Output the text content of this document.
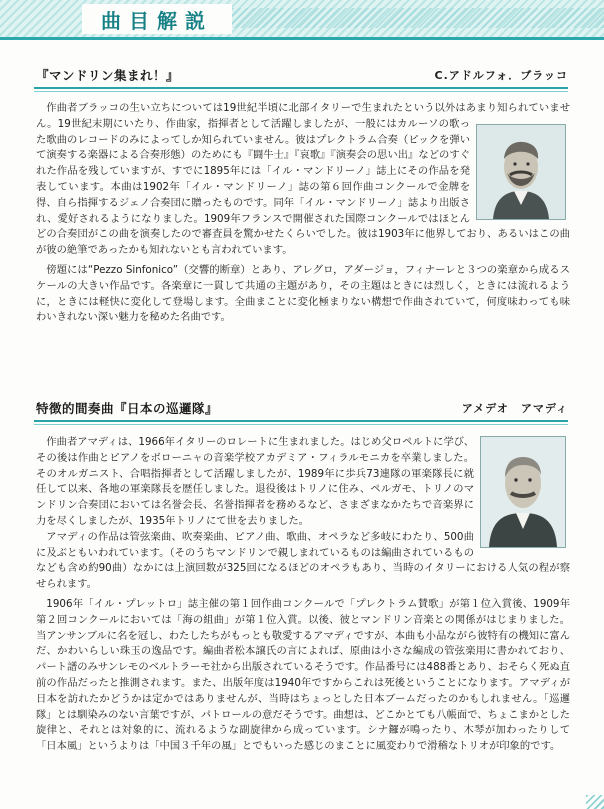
曲目解説
『マンドリン集まれ！』	C.アドルフォ．ブラッコ

作曲者ブラッコの生い立ちについては19世紀半頃に北部イタリーで生まれたという以外はあまり知られていません。19世紀末期にいたり、作曲家，指揮者として活躍しましたが、一般にはカルーソの歌った歌曲のレコードのみによってしか知られていません。彼はプレクトラム合奏（ピックを弾いて演奏する楽器による合奏形態）のためにも『闘牛士』『哀歌』『演奏会の思い出』などのすぐれた作品を残していますが、すでに1895年には「イル・マンドリーノ」誌上にその作品を発表しています。本曲は1902年「イル・マンドリーノ」誌の第６回作曲コンクールで金牌を得、自ら指揮するジェノ合奏団に贈ったものです。同年「イル・マンドリーノ」誌より出版され、愛好されるようになりました。1909年フランスで開催された国際コンクールではほとんどの合奏団がこの曲を演奏したので審査員を驚かせたくらいでした。彼は1903年に他界しており、あるいはこの曲が彼の絶筆であったかも知れないとも言われています。

傍題には“Pezzo Sinfonico”（交響的断章）とあり、アレグロ，アダージョ，フィナーレと３つの楽章から成るスケールの大きい作品です。各楽章に一貫して共通の主題があり，その主題はときには烈しく，ときには流れるように，ときには軽快に変化して登場します。全曲まことに変化極まりない構想で作曲されていて，何度味わっても味わいきれない深い魅力を秘めた名曲です。

特徴的間奏曲『日本の巡邏隊』	アメデオ　アマディ

作曲者アマディは、1966年イタリーのロレートに生まれました。はじめ父ロペルトに学び、その後は作曲とピアノをボローニャの音楽学校アカデミア・フィラルモニカを卒業しました。そのオルガニスト、合唱指揮者として活躍しましたが、1989年に歩兵73連隊の軍楽隊長に就任して以来、各地の軍楽隊長を歴任しました。退役後はトリノに住み、ペルガモ、トリノのマンドリン合奏団においては名誉会長、名誉指揮者を務めるなど、さまざまなかたちで音楽界に力を尽くしましたが、1935年トリノにて世を去りました。

アマディの作品は管弦楽曲、吹奏楽曲、ピアノ曲、歌曲、オペラなど多岐にわたり、500曲に及ぶともいわれています。（そのうちマンドリンで親しまれているものは編曲されているものなども含め約90曲）なかには上演回数が325回になるほどのオペラもあり、当時のイタリーにおける人気の程が察せられます。

1906年「イル・プレットロ」誌主催の第１回作曲コンクールで「プレクトラム賛歌」が第１位入賞後、1909年第２回コンクールにおいては「海の組曲」が第１位入賞。以後、彼とマンドリン音楽との関係がはじまりました。当アンサンブルに名を冠し、わたしたちがもっとも敬愛するアマディですが、本曲も小品ながら彼特有の機知に富んだ、かわいらしい珠玉の逸品です。編曲者松本譲氏の言によれば、原曲は小さな編成の管弦楽用に書かれており、パート譜のみサンレモのベルトラーモ社から出版されているそうです。作品番号には488番とあり、おそらく死ぬ直前の作品だったと推測されます。また、出版年度は1940年ですからこれは死後ということになります。アマディが日本を訪れたかどうかは定かではありませんが、当時はちょっとした日本ブームだったのかもしれません。「巡邏隊」とは馴染みのない言葉ですが、パトロールの意だそうです。曲想は、どこかとても八帳面で、ちょこまかとした旋律と、それとは対象的に、流れるような副旋律から成っています。シナ鑼が鳴ったり、木琴が加わったりして「日本風」というよりは「中国３千年の風」とでもいった感じのまことに風変わりで滑稽なトリオが印象的です。
